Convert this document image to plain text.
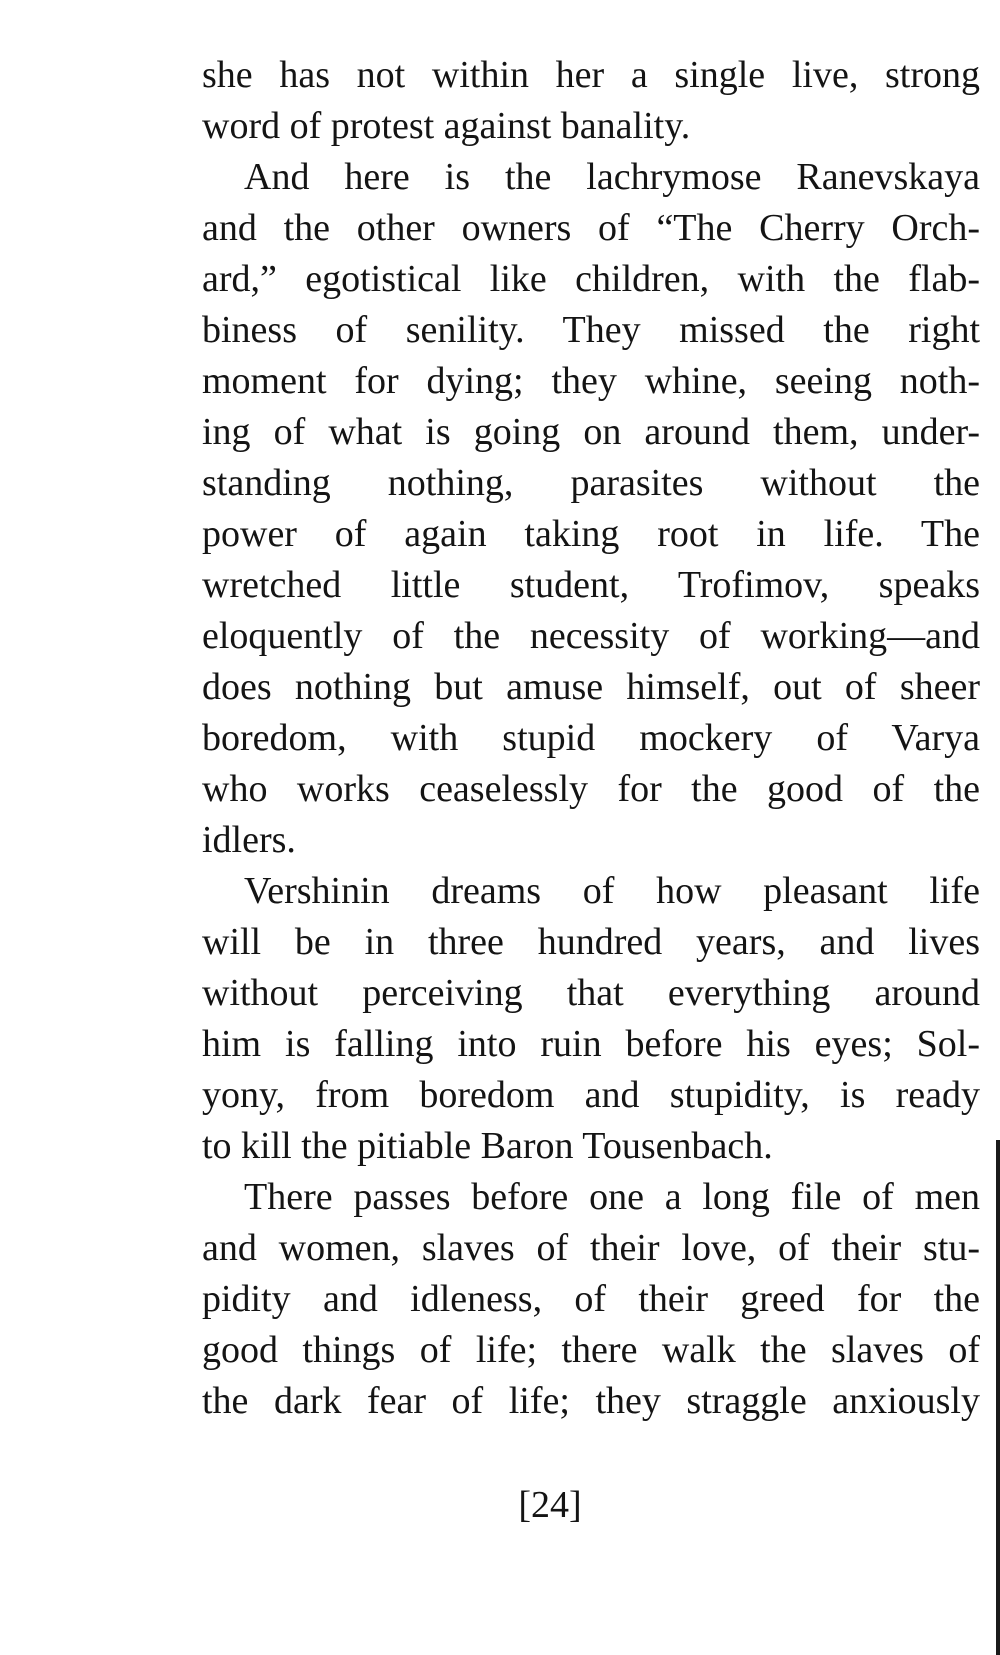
she has not within her a single live, strong
word of protest against banality.
And here is the lachrymose Ranevskaya
and the other owners of “The Cherry Orch-
ard,” egotistical like children, with the flab-
biness of senility. They missed the right
moment for dying; they whine, seeing noth-
ing of what is going on around them, under-
standing nothing, parasites without the
power of again taking root in life. The
wretched little student, Trofimov, speaks
eloquently of the necessity of working—and
does nothing but amuse himself, out of sheer
boredom, with stupid mockery of Varya
who works ceaselessly for the good of the
idlers.
Vershinin dreams of how pleasant life
will be in three hundred years, and lives
without perceiving that everything around
him is falling into ruin before his eyes; Sol-
yony, from boredom and stupidity, is ready
to kill the pitiable Baron Tousenbach.
There passes before one a long file of men
and women, slaves of their love, of their stu-
pidity and idleness, of their greed for the
good things of life; there walk the slaves of
the dark fear of life; they straggle anxiously
[24]
